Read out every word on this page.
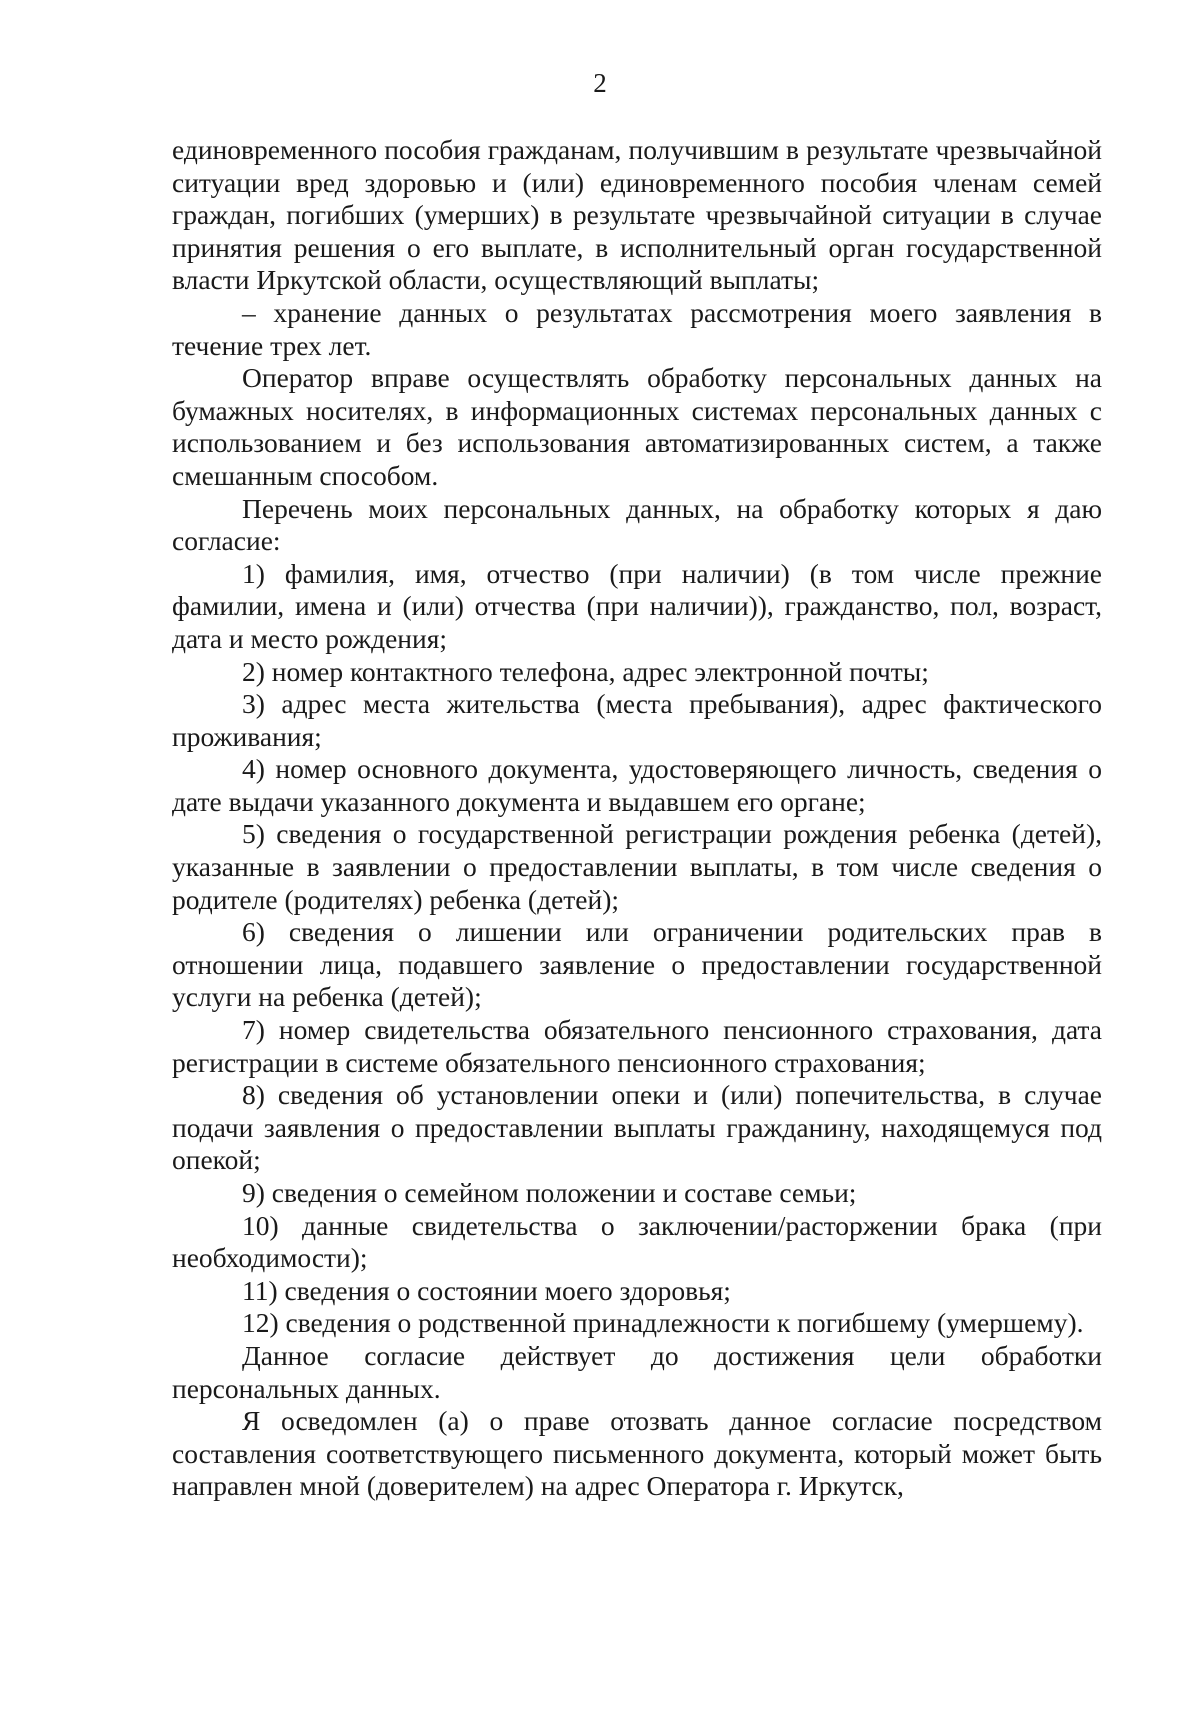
2

единовременного пособия гражданам, получившим в результате чрезвычайной ситуации вред здоровью и (или) единовременного пособия членам семей граждан, погибших (умерших) в результате чрезвычайной ситуации в случае принятия решения о его выплате, в исполнительный орган государственной власти Иркутской области, осуществляющий выплаты;

– хранение данных о результатах рассмотрения моего заявления в течение трех лет.

Оператор вправе осуществлять обработку персональных данных на бумажных носителях, в информационных системах персональных данных с использованием и без использования автоматизированных систем, а также смешанным способом.

Перечень моих персональных данных, на обработку которых я даю согласие:

1) фамилия, имя, отчество (при наличии) (в том числе прежние фамилии, имена и (или) отчества (при наличии)), гражданство, пол, возраст, дата и место рождения;

2) номер контактного телефона, адрес электронной почты;

3) адрес места жительства (места пребывания), адрес фактического проживания;

4) номер основного документа, удостоверяющего личность, сведения о дате выдачи указанного документа и выдавшем его органе;

5) сведения о государственной регистрации рождения ребенка (детей), указанные в заявлении о предоставлении выплаты, в том числе сведения о родителе (родителях) ребенка (детей);

6) сведения о лишении или ограничении родительских прав в отношении лица, подавшего заявление о предоставлении государственной услуги на ребенка (детей);

7) номер свидетельства обязательного пенсионного страхования, дата регистрации в системе обязательного пенсионного страхования;

8) сведения об установлении опеки и (или) попечительства, в случае подачи заявления о предоставлении выплаты гражданину, находящемуся под опекой;

9) сведения о семейном положении и составе семьи;

10) данные свидетельства о заключении/расторжении брака (при необходимости);

11) сведения о состоянии моего здоровья;

12) сведения о родственной принадлежности к погибшему (умершему).

Данное согласие действует до достижения цели обработки персональных данных.

Я осведомлен (а) о праве отозвать данное согласие посредством составления соответствующего письменного документа, который может быть направлен мной (доверителем) на адрес Оператора г. Иркутск,
